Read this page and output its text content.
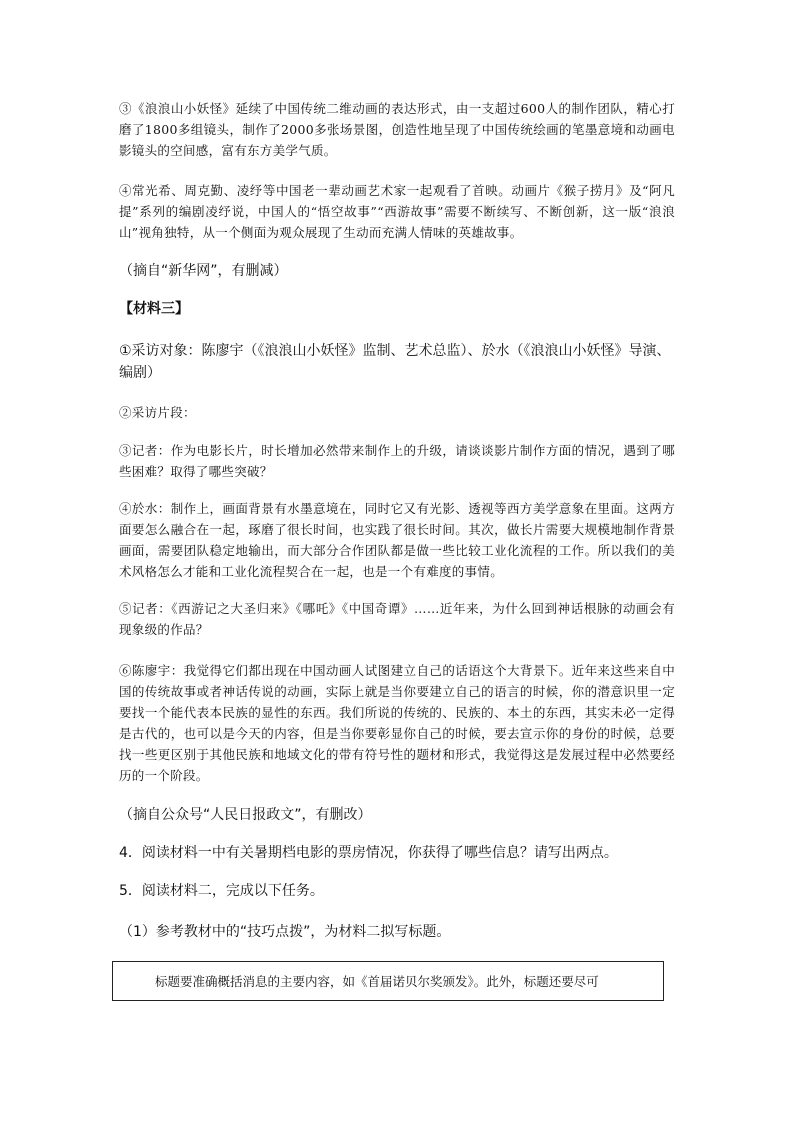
③《浪浪山小妖怪》延续了中国传统二维动画的表达形式，由一支超过600人的制作团队，精心打磨了1800多组镜头，制作了2000多张场景图，创造性地呈现了中国传统绘画的笔墨意境和动画电影镜头的空间感，富有东方美学气质。

④常光希、周克勤、凌纾等中国老一辈动画艺术家一起观看了首映。动画片《猴子捞月》及“阿凡提”系列的编剧凌纾说，中国人的“悟空故事”“西游故事”需要不断续写、不断创新，这一版“浪浪山”视角独特，从一个侧面为观众展现了生动而充满人情味的英雄故事。

（摘自“新华网”，有删减）

【材料三】

①采访对象：陈廖宇（《浪浪山小妖怪》监制、艺术总监）、於水（《浪浪山小妖怪》导演、编剧）

②采访片段：

③记者：作为电影长片，时长增加必然带来制作上的升级，请谈谈影片制作方面的情况，遇到了哪些困难？取得了哪些突破？

④於水：制作上，画面背景有水墨意境在，同时它又有光影、透视等西方美学意象在里面。这两方面要怎么融合在一起，琢磨了很长时间，也实践了很长时间。其次，做长片需要大规模地制作背景画面，需要团队稳定地输出，而大部分合作团队都是做一些比较工业化流程的工作。所以我们的美术风格怎么才能和工业化流程契合在一起，也是一个有难度的事情。

⑤记者：《西游记之大圣归来》《哪吒》《中国奇谭》……近年来，为什么回到神话根脉的动画会有现象级的作品？

⑥陈廖宇：我觉得它们都出现在中国动画人试图建立自己的话语这个大背景下。近年来这些来自中国的传统故事或者神话传说的动画，实际上就是当你要建立自己的语言的时候，你的潜意识里一定要找一个能代表本民族的显性的东西。我们所说的传统的、民族的、本土的东西，其实未必一定得是古代的，也可以是今天的内容，但是当你要彰显你自己的时候，要去宣示你的身份的时候，总要找一些更区别于其他民族和地域文化的带有符号性的题材和形式，我觉得这是发展过程中必然要经历的一个阶段。

（摘自公众号“人民日报政文”，有删改）

4．阅读材料一中有关暑期档电影的票房情况，你获得了哪些信息？请写出两点。

5．阅读材料二，完成以下任务。

（1）参考教材中的“技巧点拨”，为材料二拟写标题。

标题要准确概括消息的主要内容，如《首届诺贝尔奖颁发》。此外，标题还要尽可
